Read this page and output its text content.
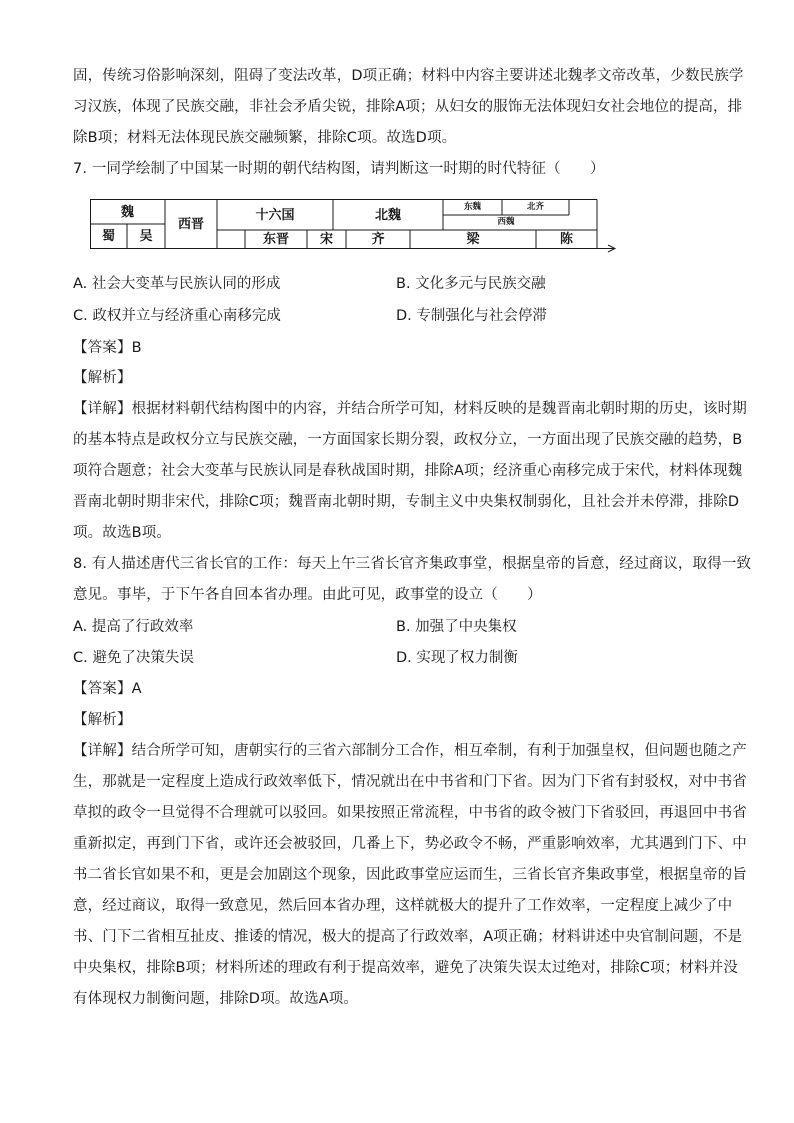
固，传统习俗影响深刻，阻碍了变法改革，D项正确；材料中内容主要讲述北魏孝文帝改革，少数民族学
习汉族，体现了民族交融，非社会矛盾尖锐，排除A项；从妇女的服饰无法体现妇女社会地位的提高，排
除B项；材料无法体现民族交融频繁，排除C项。故选D项。
7. 一同学绘制了中国某一时期的朝代结构图，请判断这一时期的时代特征（　　）
魏
蜀	吴
西晋
十六国
东晋
北魏
宋	齐
东魏	北齐
西魏
梁	陈
A. 社会大变革与民族认同的形成	B. 文化多元与民族交融
C. 政权并立与经济重心南移完成	D. 专制强化与社会停滞
【答案】B
【解析】
【详解】根据材料朝代结构图中的内容，并结合所学可知，材料反映的是魏晋南北朝时期的历史，该时期
的基本特点是政权分立与民族交融，一方面国家长期分裂，政权分立，一方面出现了民族交融的趋势，B
项符合题意；社会大变革与民族认同是春秋战国时期，排除A项；经济重心南移完成于宋代，材料体现魏
晋南北朝时期非宋代，排除C项；魏晋南北朝时期，专制主义中央集权制弱化，且社会并未停滞，排除D
项。故选B项。
8. 有人描述唐代三省长官的工作：每天上午三省长官齐集政事堂，根据皇帝的旨意，经过商议，取得一致
意见。事毕，于下午各自回本省办理。由此可见，政事堂的设立（　　）
A. 提高了行政效率	B. 加强了中央集权
C. 避免了决策失误	D. 实现了权力制衡
【答案】A
【解析】
【详解】结合所学可知，唐朝实行的三省六部制分工合作，相互牵制，有利于加强皇权，但问题也随之产
生，那就是一定程度上造成行政效率低下，情况就出在中书省和门下省。因为门下省有封驳权，对中书省
草拟的政令一旦觉得不合理就可以驳回。如果按照正常流程，中书省的政令被门下省驳回，再退回中书省
重新拟定，再到门下省，或许还会被驳回，几番上下，势必政令不畅，严重影响效率，尤其遇到门下、中
书二省长官如果不和，更是会加剧这个现象，因此政事堂应运而生，三省长官齐集政事堂，根据皇帝的旨
意，经过商议，取得一致意见，然后回本省办理，这样就极大的提升了工作效率，一定程度上减少了中
书、门下二省相互扯皮、推诿的情况，极大的提高了行政效率，A项正确；材料讲述中央官制问题，不是
中央集权，排除B项；材料所述的理政有利于提高效率，避免了决策失误太过绝对，排除C项；材料并没
有体现权力制衡问题，排除D项。故选A项。
